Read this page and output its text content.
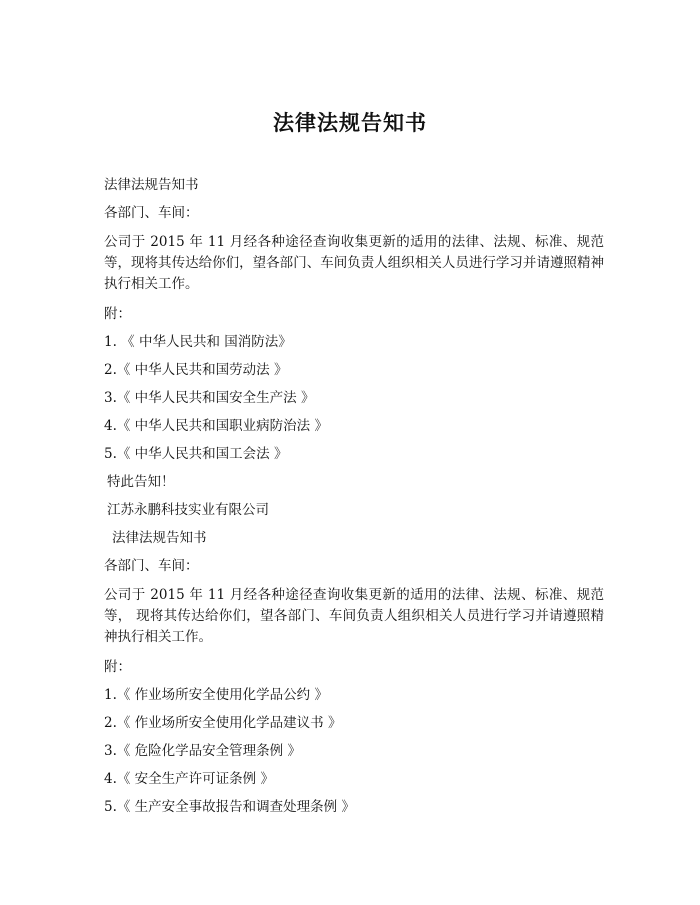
法律法规告知书
法律法规告知书
各部门、车间：
公司于 2015 年 11 月经各种途径查询收集更新的适用的法律、法规、标准、规范等，现将其传达给你们，望各部门、车间负责人组织相关人员进行学习并请遵照精神执行相关工作。
附：
1. 《 中华人民共和 国消防法》
2.《 中华人民共和国劳动法 》
3.《 中华人民共和国安全生产法 》
4.《 中华人民共和国职业病防治法 》
5.《 中华人民共和国工会法 》
特此告知！
江苏永鹏科技实业有限公司
法律法规告知书
各部门、车间：
公司于 2015 年 11 月经各种途径查询收集更新的适用的法律、法规、标准、规范等， 现将其传达给你们，望各部门、车间负责人组织相关人员进行学习并请遵照精神执行相关工作。
附：
1.《 作业场所安全使用化学品公约 》
2.《 作业场所安全使用化学品建议书 》
3.《 危险化学品安全管理条例 》
4.《 安全生产许可证条例 》
5.《 生产安全事故报告和调查处理条例 》
